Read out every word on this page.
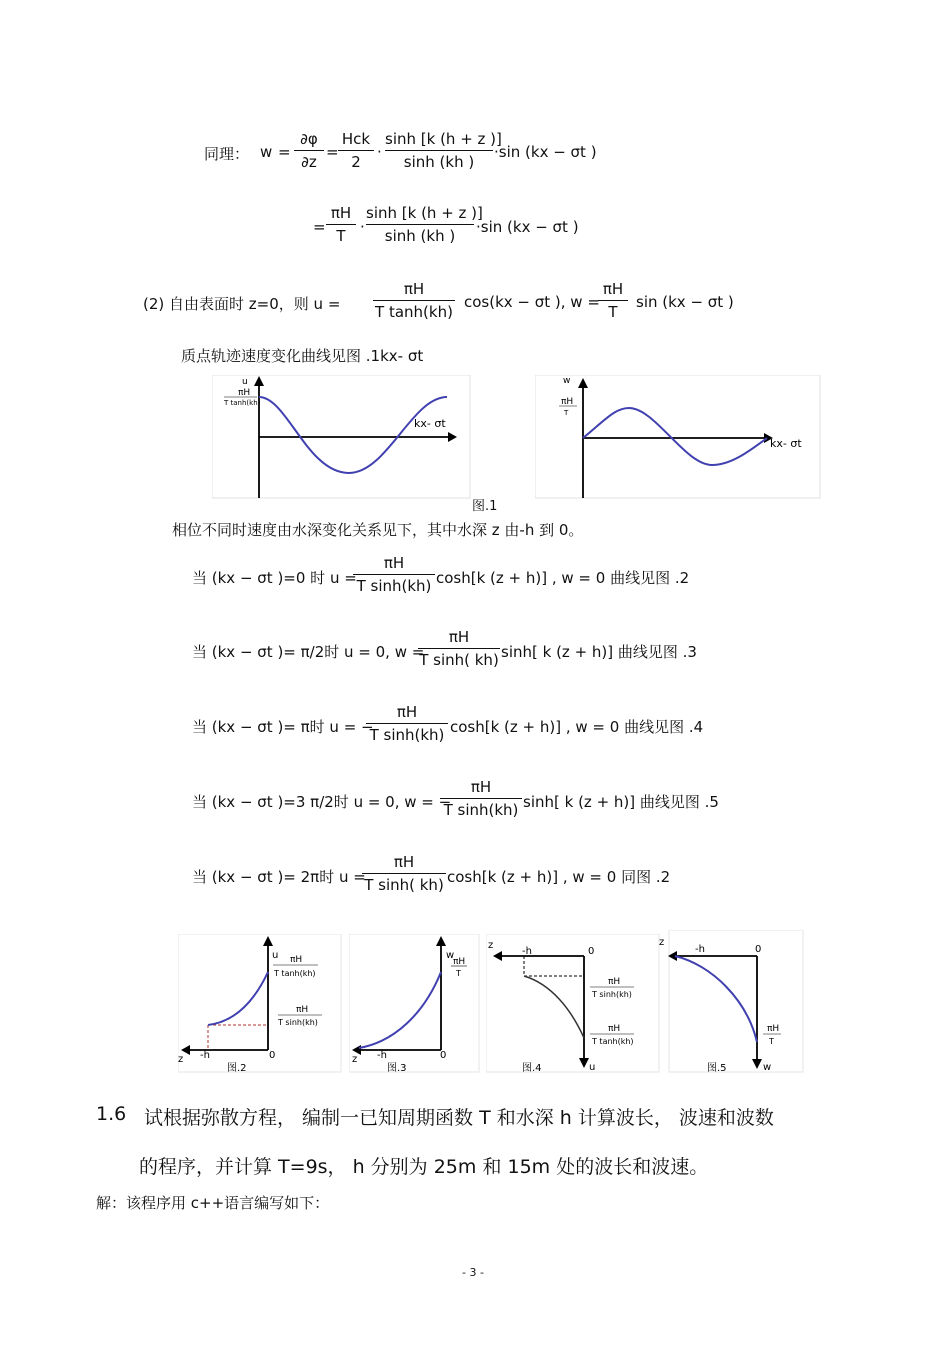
同理： w =
∂φ
∂z
=
Hck
2
·
sinh [k (h + z )]
sinh (kh )
·sin (kx − σt )
=
πH
T ·
sinh [k (h + z )]
sinh (kh )	·sin (kx − σt )
(2) 自由表面时 z=0，则 u =
πH
T tanh(kh)
cos(kx − σt ), w =
πH
T
sin (kx − σt )
质点轨迹速度变化曲线见图 .1kx- σt
u
πH
T tanh(kh)
kx- σt
w
πH
T
kx- σt
图.1
相位不同时速度由水深变化关系见下，其中水深 z 由-h 到 0。
当 (kx − σt )=0 时 u =
πH
T sinh(kh) cosh[k (z + h)] , w = 0 曲线见图 .2
当 (kx − σt )= π/2时 u = 0, w =
πH
T sinh( kh) sinh[ k (z + h)] 曲线见图 .3
当 (kx − σt )= π时 u = −
πH
T sinh(kh) cosh[k (z + h)] , w = 0 曲线见图 .4
当 (kx − σt )=3 π/2时 u = 0, w = −
πH
T sinh(kh) sinh[ k (z + h)] 曲线见图 .5
当 (kx − σt )= 2π时 u =
πH
T sinh( kh) cosh[k (z + h)] , w = 0 同图 .2
u πH
T tanh(kh)
πH
T sinh(kh)
z -h	0
图.2
w
πH
T
z -h	0
图.3
z
-h	0
πH
T sinh(kh)
πH
T tanh(kh)
u
图.4
z
-h	0
πH
T
w
图.5
1.6 试根据弥散方程， 编制一已知周期函数 T 和水深 h 计算波长， 波速和波数
的程序，并计算 T=9s， h 分别为 25m 和 15m 处的波长和波速。
解：该程序用 c++语言编写如下：
- 3 -
